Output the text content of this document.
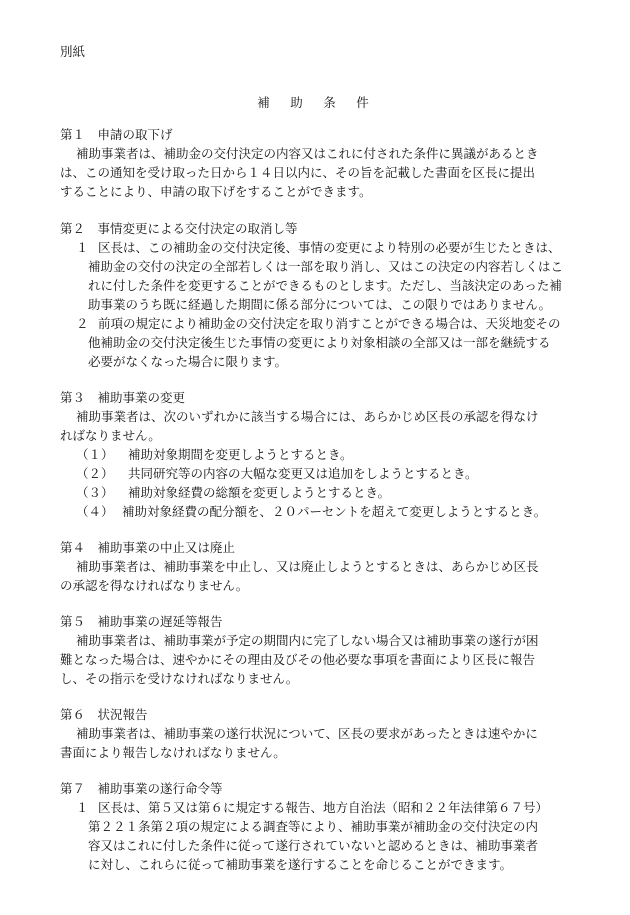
別紙
補　助　条　件
第１　申請の取下げ
補助事業者は、補助金の交付決定の内容又はこれに付された条件に異議があるとき
は、この通知を受け取った日から１４日以内に、その旨を記載した書面を区長に提出
することにより、申請の取下げをすることができます。
第２　事情変更による交付決定の取消し等
１ 区長は、この補助金の交付決定後、事情の変更により特別の必要が生じたときは、
補助金の交付の決定の全部若しくは一部を取り消し、又はこの決定の内容若しくはこ
れに付した条件を変更することができるものとします。ただし、当該決定のあった補
助事業のうち既に経過した期間に係る部分については、この限りではありません。
２ 前項の規定により補助金の交付決定を取り消すことができる場合は、天災地変その
他補助金の交付決定後生じた事情の変更により対象相談の全部又は一部を継続する
必要がなくなった場合に限ります。
第３　補助事業の変更
補助事業者は、次のいずれかに該当する場合には、あらかじめ区長の承認を得なけ
ればなりません。
（１） 補助対象期間を変更しようとするとき。
（２） 共同研究等の内容の大幅な変更又は追加をしようとするとき。
（３） 補助対象経費の総額を変更しようとするとき。
（４） 補助対象経費の配分額を、２０パーセントを超えて変更しようとするとき。
第４　補助事業の中止又は廃止
補助事業者は、補助事業を中止し、又は廃止しようとするときは、あらかじめ区長
の承認を得なければなりません。
第５　補助事業の遅延等報告
補助事業者は、補助事業が予定の期間内に完了しない場合又は補助事業の遂行が困
難となった場合は、速やかにその理由及びその他必要な事項を書面により区長に報告
し、その指示を受けなければなりません。
第６　状況報告
補助事業者は、補助事業の遂行状況について、区長の要求があったときは速やかに
書面により報告しなければなりません。
第７　補助事業の遂行命令等
１ 区長は、第５又は第６に規定する報告、地方自治法（昭和２２年法律第６７号）
第２２１条第２項の規定による調査等により、補助事業が補助金の交付決定の内
容又はこれに付した条件に従って遂行されていないと認めるときは、補助事業者
に対し、これらに従って補助事業を遂行することを命じることができます。
